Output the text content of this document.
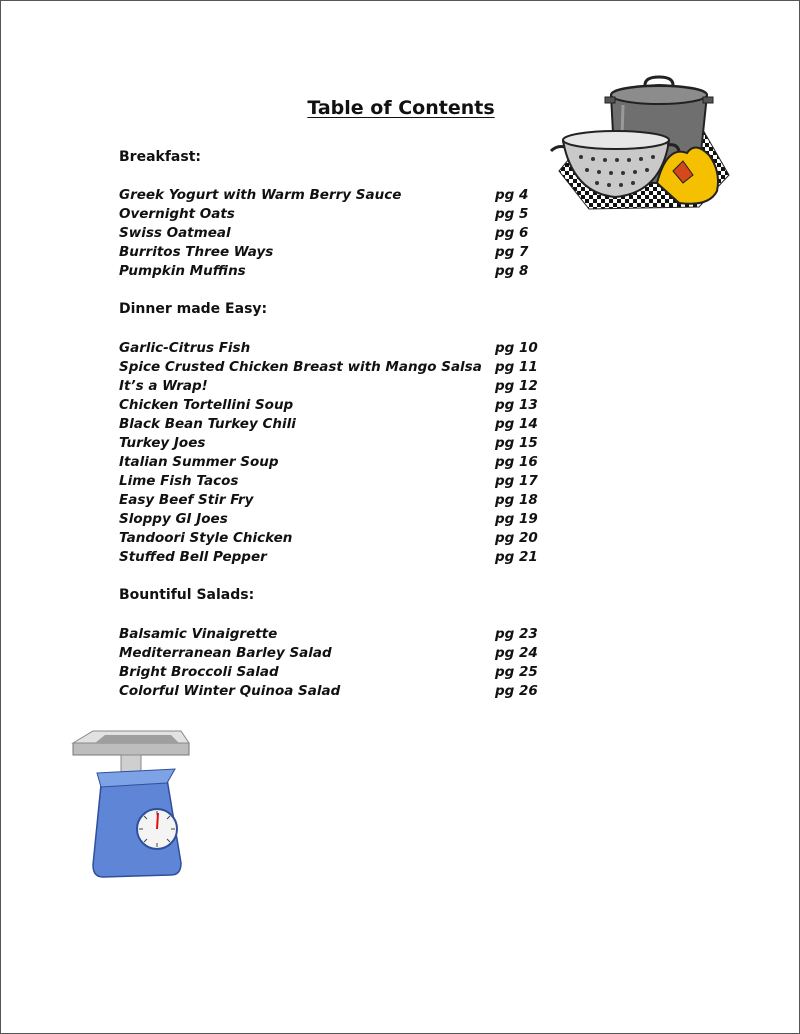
Table of Contents
Breakfast:
Greek Yogurt with Warm Berry Sauce	pg 4
Overnight Oats	pg 5
Swiss Oatmeal	pg 6
Burritos Three Ways	pg 7
Pumpkin Muffins	pg 8
Dinner made Easy:
Garlic-Citrus Fish	pg 10
Spice Crusted Chicken Breast with Mango Salsa pg 11
It’s a Wrap!	pg 12
Chicken Tortellini Soup	pg 13
Black Bean Turkey Chili	pg 14
Turkey Joes	pg 15
Italian Summer Soup	pg 16
Lime Fish Tacos	pg 17
Easy Beef Stir Fry	pg 18
Sloppy GI Joes	pg 19
Tandoori Style Chicken	pg 20
Stuffed Bell Pepper	pg 21
Bountiful Salads:
Balsamic Vinaigrette	pg 23
Mediterranean Barley Salad	pg 24
Bright Broccoli Salad	pg 25
Colorful Winter Quinoa Salad	pg 26
